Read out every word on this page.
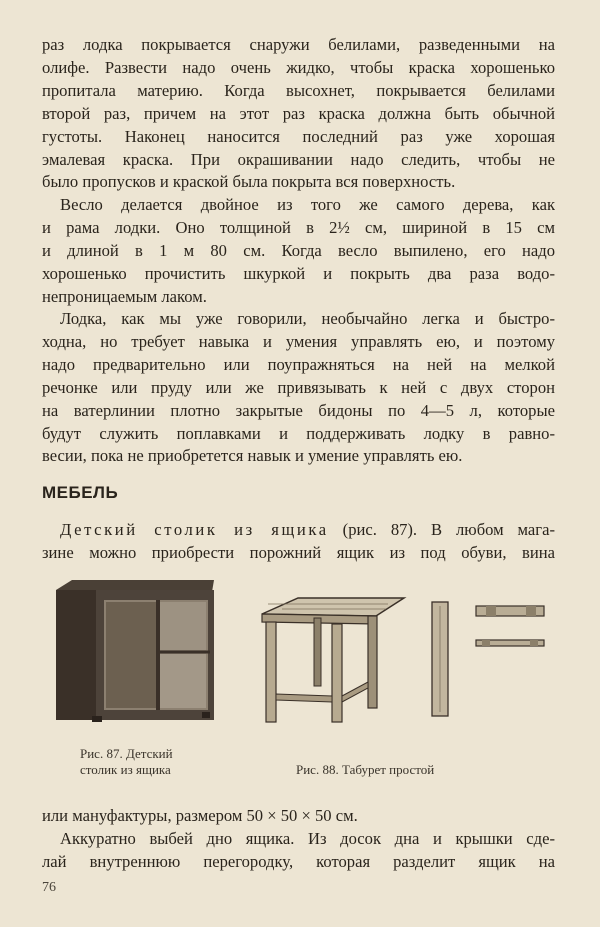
раз лодка покрывается снаружи белилами, разведенными на
олифе. Развести надо очень жидко, чтобы краска хорошенько
пропитала материю. Когда высохнет, покрывается белилами
второй раз, причем на этот раз краска должна быть обычной
густоты. Наконец наносится последний раз уже хорошая
эмалевая краска. При окрашивании надо следить, чтобы не
было пропусков и краской была покрыта вся поверхность.
Весло делается двойное из того же самого дерева, как
и рама лодки. Оно толщиной в 2½ см, шириной в 15 см
и длиной в 1 м 80 см. Когда весло выпилено, его надо
хорошенько прочистить шкуркой и покрыть два раза водо-
непроницаемым лаком.
Лодка, как мы уже говорили, необычайно легка и быстро-
ходна, но требует навыка и умения управлять ею, и поэтому
надо предварительно или поупражняться на ней на мелкой
речонке или пруду или же привязывать к ней с двух сторон
на ватерлинии плотно закрытые бидоны по 4—5 л, которые
будут служить поплавками и поддерживать лодку в равно-
весии, пока не приобретется навык и умение управлять ею.
МЕБЕЛЬ
Детский столик из ящика (рис. 87). В любом мага-
зине можно приобрести порожний ящик из под обуви, вина
Рис. 87. Детский
столик из ящика	Рис. 88. Табурет простой
или мануфактуры, размером 50 × 50 × 50 см.
Аккуратно выбей дно ящика. Из досок дна и крышки сде-
лай внутреннюю перегородку, которая разделит ящик на
76
